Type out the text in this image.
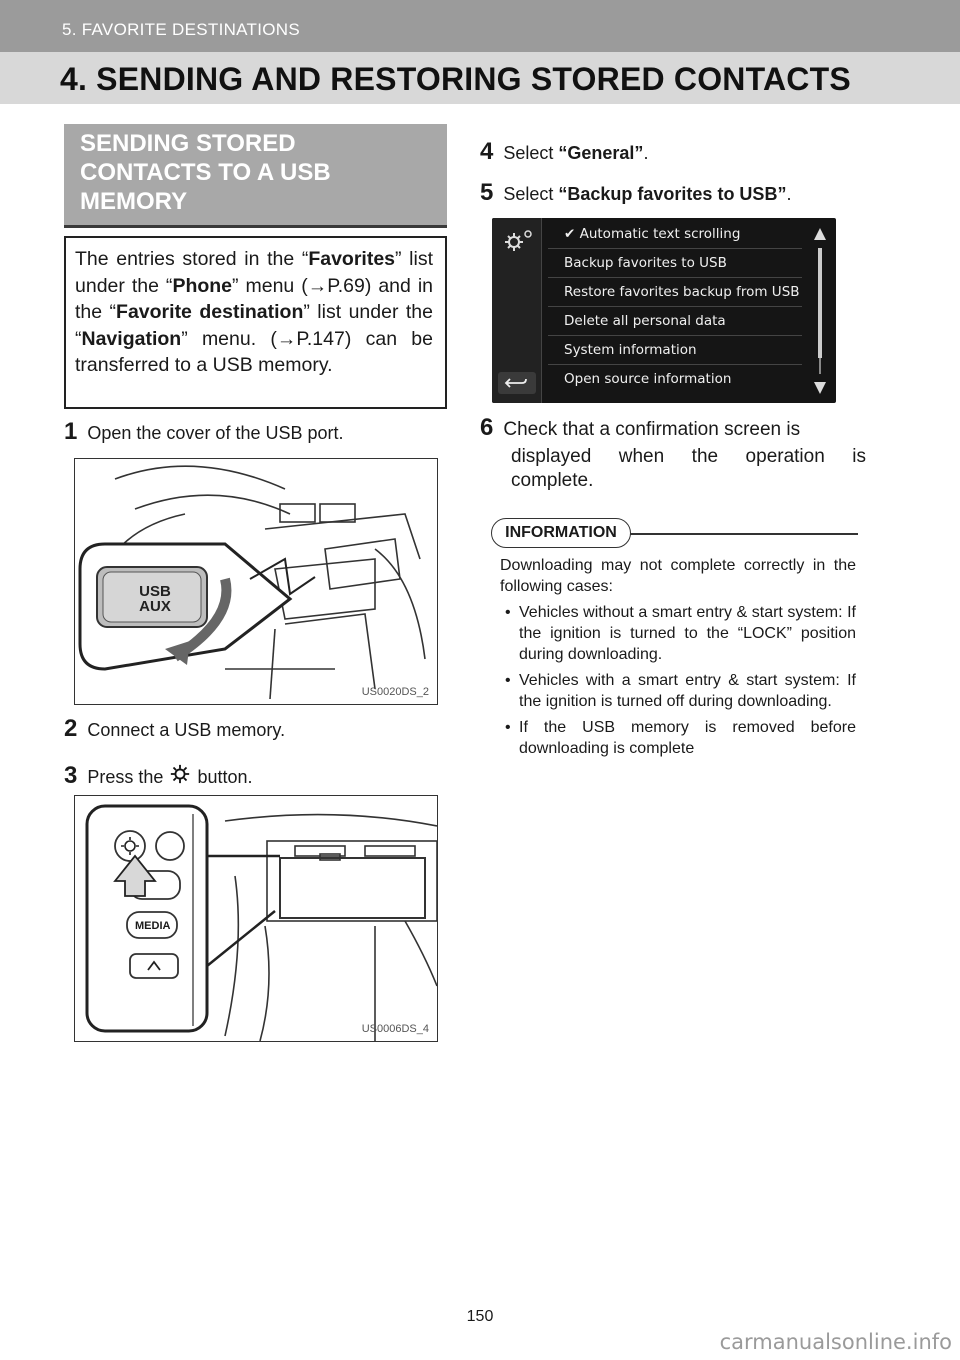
5. FAVORITE DESTINATIONS
4. SENDING AND RESTORING STORED CONTACTS
SENDING STORED
CONTACTS TO A USB
MEMORY
The entries stored in the “Favorites” list under the “Phone” menu (→P.69) and in the “Favorite destination” list under the “Navigation” menu. (→P.147) can be transferred to a USB memory.
1 Open the cover of the USB port.
USB
AUX
US0020DS_2
2 Connect a USB memory.
3 Press the button.
MEDIA
US0006DS_4
4 Select “General”.
5 Select “Backup favorites to USB”.
✔ Automatic text scrolling
Backup favorites to USB
Restore favorites backup from USB
Delete all personal data
System information
Open source information
6 Check that a confirmation screen is
displayed when the operation is
complete.
INFORMATION
Downloading may not complete correctly in the following cases:
• Vehicles without a smart entry & start system: If the ignition is turned to the “LOCK” position during downloading.
• Vehicles with a smart entry & start system: If the ignition is turned off during downloading.
• If the USB memory is removed before downloading is complete
150
carmanualsonline.info
